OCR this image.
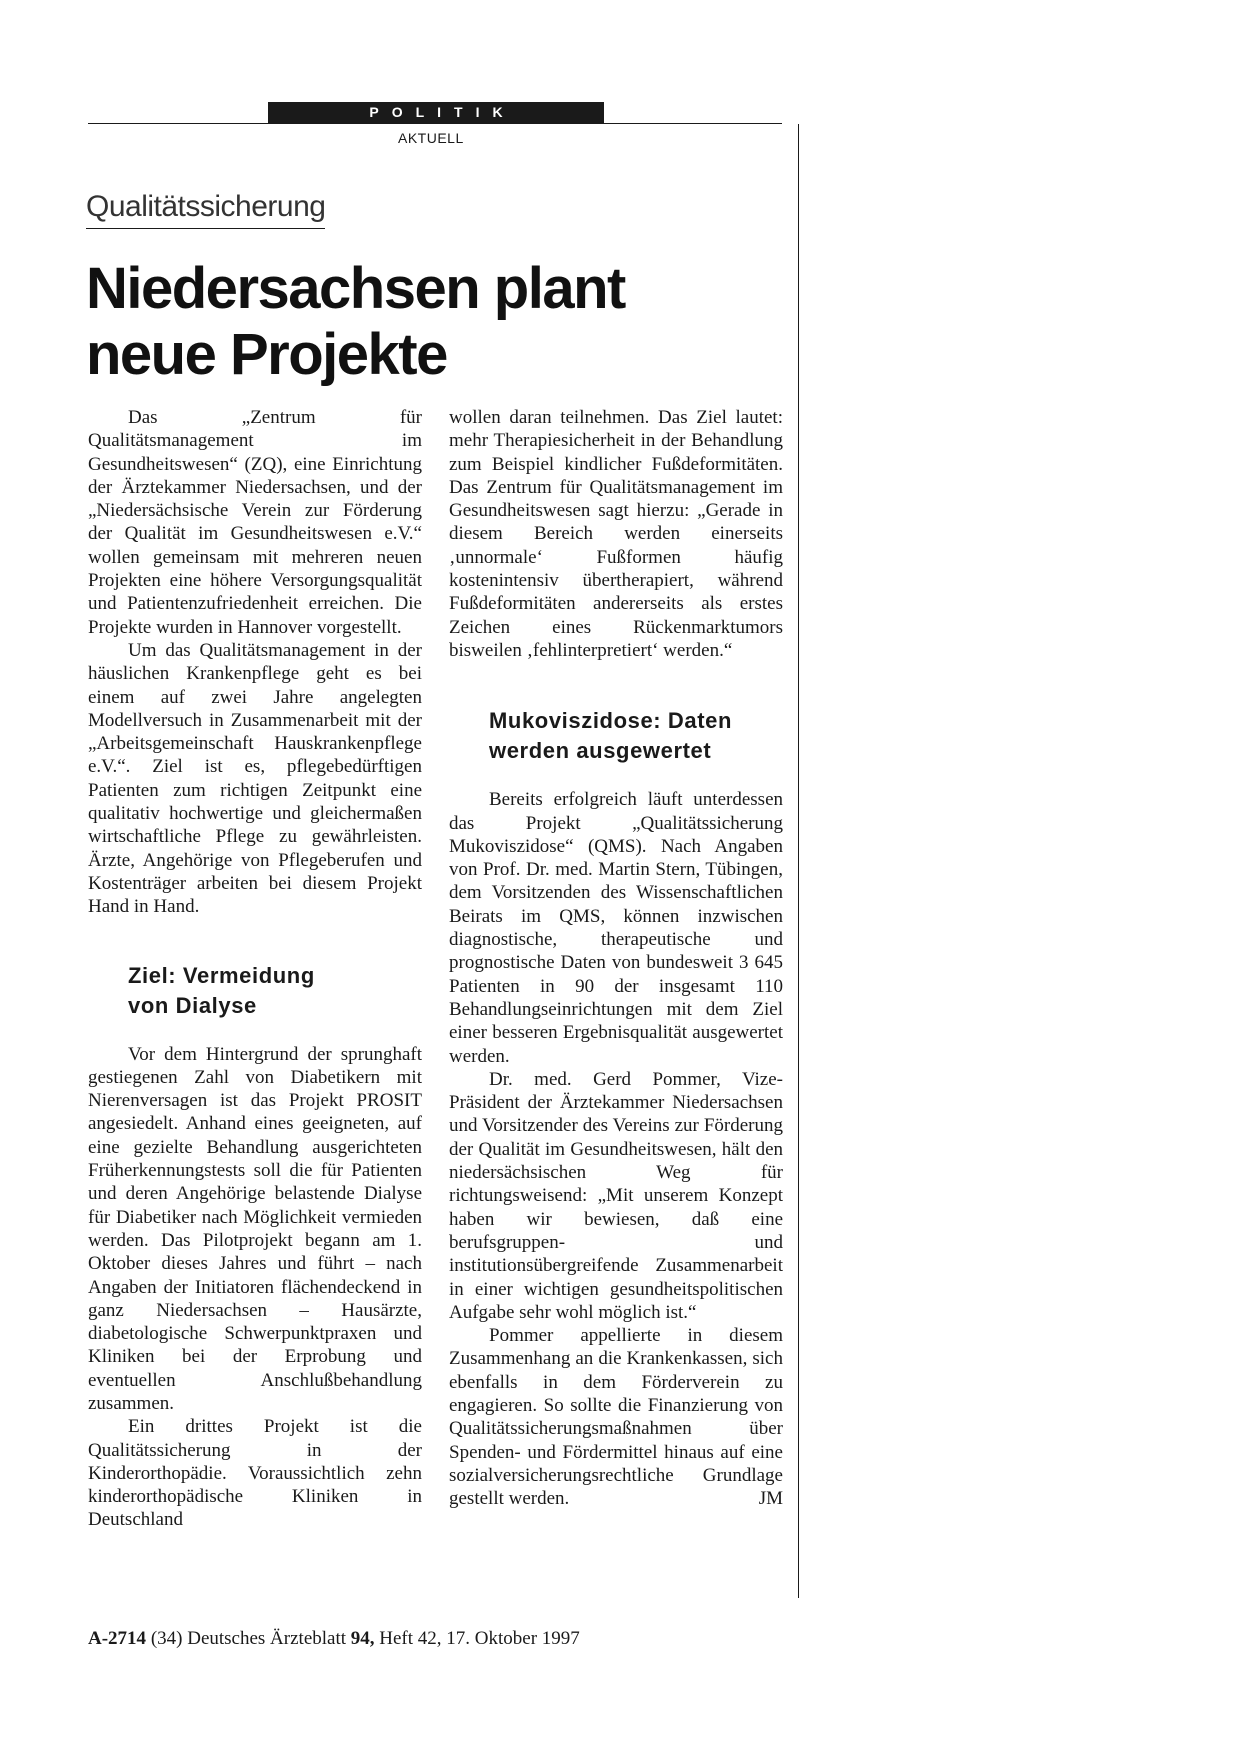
POLITIK
AKTUELL
Qualitätssicherung
Niedersachsen plant
neue Projekte

Das „Zentrum für Qualitätsmanagement im Gesundheitswesen“ (ZQ), eine Einrichtung der Ärztekammer Niedersachsen, und der „Niedersächsische Verein zur Förderung der Qualität im Gesundheitswesen e.V.“ wollen gemeinsam mit mehreren neuen Projekten eine höhere Versorgungsqualität und Patientenzufriedenheit erreichen. Die Projekte wurden in Hannover vorgestellt.

Um das Qualitätsmanagement in der häuslichen Krankenpflege geht es bei einem auf zwei Jahre angelegten Modellversuch in Zusammenarbeit mit der „Arbeitsgemeinschaft Hauskrankenpflege e.V.“. Ziel ist es, pflegebedürftigen Patienten zum richtigen Zeitpunkt eine qualitativ hochwertige und gleichermaßen wirtschaftliche Pflege zu gewährleisten. Ärzte, Angehörige von Pflegeberufen und Kostenträger arbeiten bei diesem Projekt Hand in Hand.

Ziel: Vermeidung
von Dialyse

Vor dem Hintergrund der sprunghaft gestiegenen Zahl von Diabetikern mit Nierenversagen ist das Projekt PROSIT angesiedelt. Anhand eines geeigneten, auf eine gezielte Behandlung ausgerichteten Früherkennungstests soll die für Patienten und deren Angehörige belastende Dialyse für Diabetiker nach Möglichkeit vermieden werden. Das Pilotprojekt begann am 1. Oktober dieses Jahres und führt – nach Angaben der Initiatoren flächendeckend in ganz Niedersachsen – Hausärzte, diabetologische Schwerpunktpraxen und Kliniken bei der Erprobung und eventuellen Anschlußbehandlung zusammen.

Ein drittes Projekt ist die Qualitätssicherung in der Kinderorthopädie. Voraussichtlich zehn kinderorthopädische Kliniken in Deutschland

wollen daran teilnehmen. Das Ziel lautet: mehr Therapiesicherheit in der Behandlung zum Beispiel kindlicher Fußdeformitäten. Das Zentrum für Qualitätsmanagement im Gesundheitswesen sagt hierzu: „Gerade in diesem Bereich werden einerseits ‚unnormale‘ Fußformen häufig kostenintensiv übertherapiert, während Fußdeformitäten andererseits als erstes Zeichen eines Rückenmarktumors bisweilen ‚fehlinterpretiert‘ werden.“

Mukoviszidose: Daten
werden ausgewertet

Bereits erfolgreich läuft unterdessen das Projekt „Qualitätssicherung Mukoviszidose“ (QMS). Nach Angaben von Prof. Dr. med. Martin Stern, Tübingen, dem Vorsitzenden des Wissenschaftlichen Beirats im QMS, können inzwischen diagnostische, therapeutische und prognostische Daten von bundesweit 3 645 Patienten in 90 der insgesamt 110 Behandlungseinrichtungen mit dem Ziel einer besseren Ergebnisqualität ausgewertet werden.

Dr. med. Gerd Pommer, Vize-Präsident der Ärztekammer Niedersachsen und Vorsitzender des Vereins zur Förderung der Qualität im Gesundheitswesen, hält den niedersächsischen Weg für richtungsweisend: „Mit unserem Konzept haben wir bewiesen, daß eine berufsgruppen- und institutionsübergreifende Zusammenarbeit in einer wichtigen gesundheitspolitischen Aufgabe sehr wohl möglich ist.“

Pommer appellierte in diesem Zusammenhang an die Krankenkassen, sich ebenfalls in dem Förderverein zu engagieren. So sollte die Finanzierung von Qualitätssicherungsmaßnahmen über Spenden- und Fördermittel hinaus auf eine sozialversicherungsrechtliche Grundlage gestellt werden.	JM

A-2714 (34) Deutsches Ärzteblatt 94, Heft 42, 17. Oktober 1997
